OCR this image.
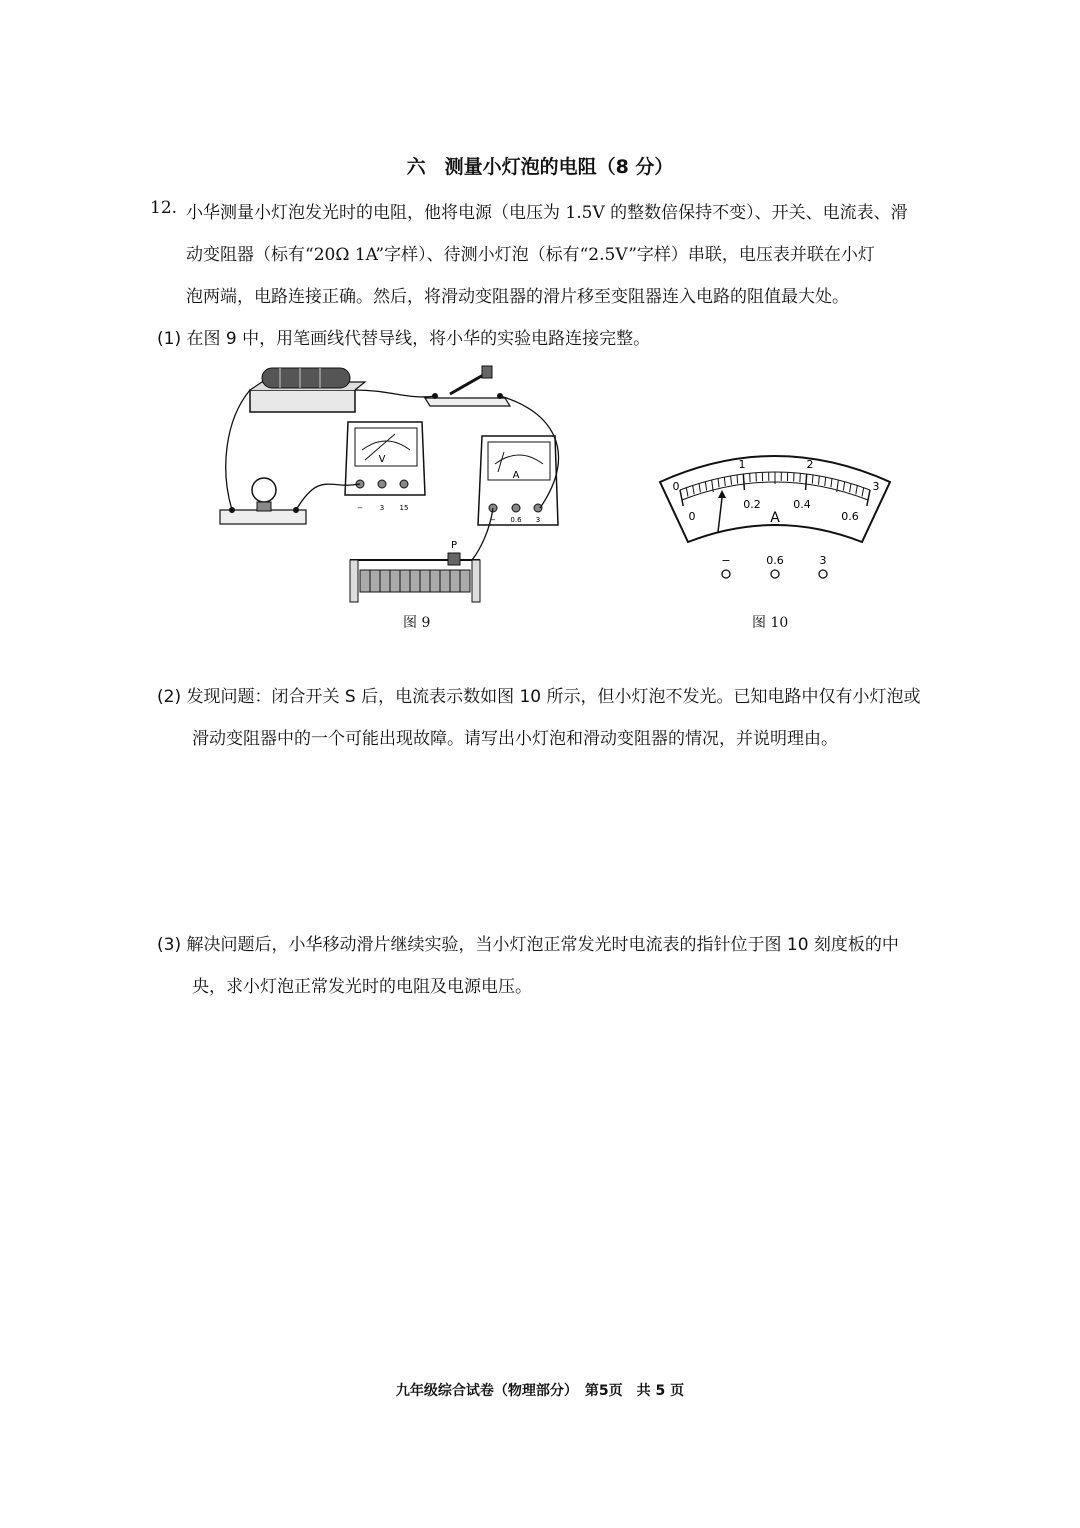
六　测量小灯泡的电阻（8 分）
12. 小华测量小灯泡发光时的电阻，他将电源（电压为 1.5V 的整数倍保持不变）、开关、电流表、滑
动变阻器（标有“20Ω 1A”字样）、待测小灯泡（标有“2.5V”字样）串联，电压表并联在小灯
泡两端，电路连接正确。然后，将滑动变阻器的滑片移至变阻器连入电路的阻值最大处。
(1) 在图 9 中，用笔画线代替导线，将小华的实验电路连接完整。
V
− 3 15
A
− 0.6 3
P
图 9
0
1	2
3
0
0.2	0.4
0.6
A
−	0.6	3
图 10
(2) 发现问题：闭合开关 S 后，电流表示数如图 10 所示，但小灯泡不发光。已知电路中仅有小灯泡或
滑动变阻器中的一个可能出现故障。请写出小灯泡和滑动变阻器的情况，并说明理由。
(3) 解决问题后，小华移动滑片继续实验，当小灯泡正常发光时电流表的指针位于图 10 刻度板的中
央，求小灯泡正常发光时的电阻及电源电压。
九年级综合试卷（物理部分）　第5页　共 5 页
